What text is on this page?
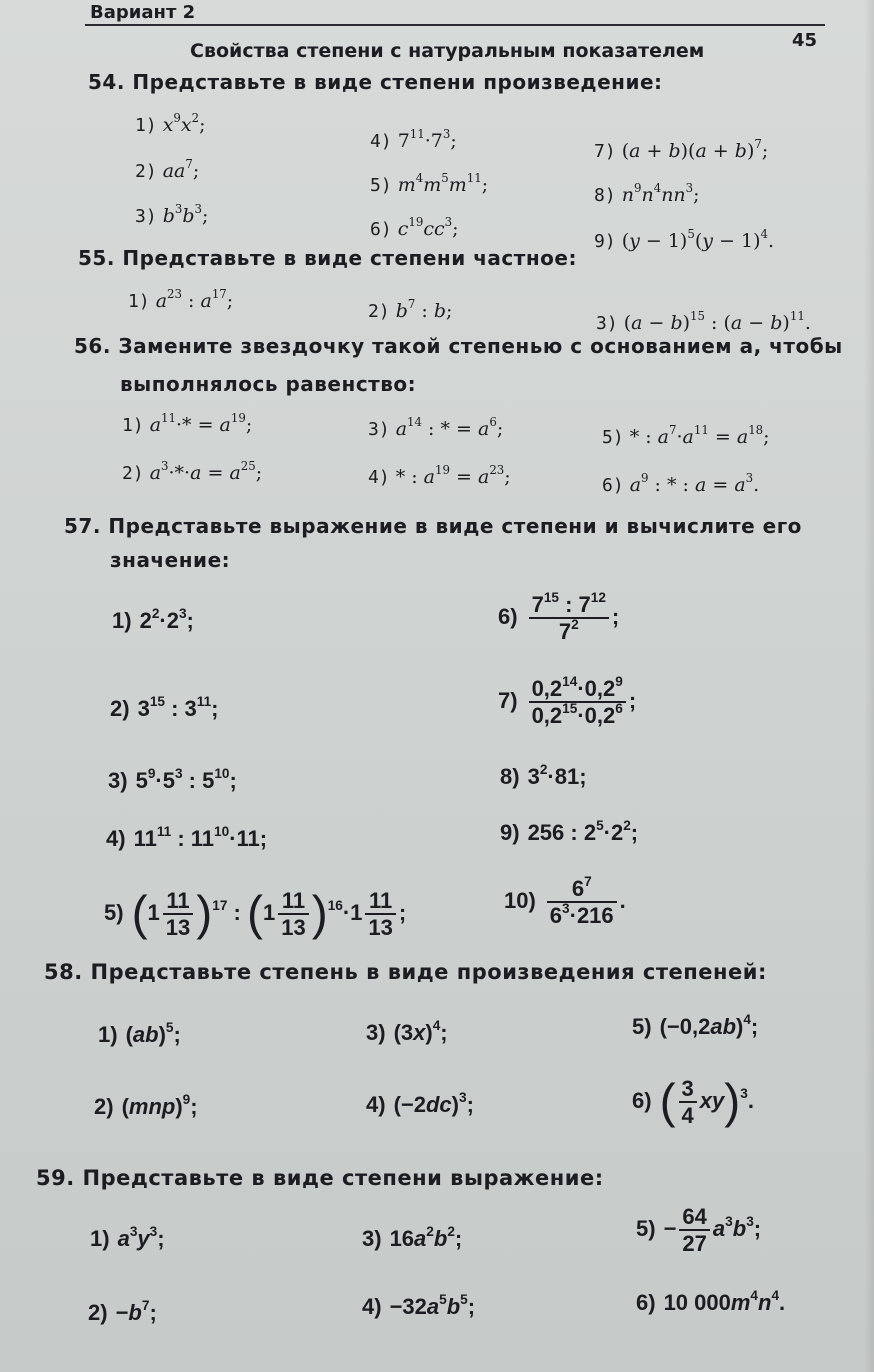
Вариант 2
45
Свойства степени с натуральным показателем
54. Представьте в виде степени произведение:
1) $x^9x^2$;
2) $aa^7$;
3) $b^3b^3$;
4) $7^{11}\cdot 7^3$;
5) $m^4m^5m^{11}$;
6) $c^{19}cc^3$;
7) $(a + b)(a + b)^7$;
8) $n^9n^4nn^3$;
9) $(y - 1)^5(y - 1)^4$.
55. Представьте в виде степени частное:
1) $a^{23}$ : $a^{17}$;	2) $b^7$ : b;
3) $(a - b)^{15}$ : $(a - b)^{11}$.
56. Замените звездочку такой степенью с основанием a, чтобы
выполнялось равенство:
1) $a^{11}\cdot* = a^{19}$;
2) $a^3\cdot*\cdot a = a^{25}$;
3) $a^{14}$ : * = $a^6$;
4) * : $a^{19} = a^{23}$;
5) * : $a^7\cdot a^{11} = a^{18}$;
6) $a^9$ : * : $a = a^3$.
57. Представьте выражение в виде степени и вычислите его
значение:
1) $2^2\cdot 2^3$;
2) $3^{15}$ : $3^{11}$;
3) $5^9\cdot 5^3$ : $5^{10}$;
4) $11^{11}$ : $11^{10}\cdot 11$;
5) $(1 \frac{11}{13} )^{17}$ : $(1 \frac{11}{13} )^{16}\cdot 1 \frac{11}{13}$ ;
$6) \frac{7^{15} : 7^{12}}{7^2}$ ;
$7) \frac{0,2^{14}\cdot 0,2^9}{0,2^{15}\cdot 0,2^6}$ ;
8) $3^2\cdot 81$;
9) 256 : $2^5\cdot 2^2$;
$10) \frac{6^7}{6^3\cdot 216}$ .
58. Представьте степень в виде произведения степеней:
1) (ab)$^5$;
2) (mnp)$^9$;
3) $(3x)^4$;
4) $(-2dc)^3$;
5) $(-0,2ab)^4$;
6) ( $\frac{3}{4} xy)^3$.
59. Представьте в виде степени выражение:
1) $a^3y^3$;
$2) -b^7$;
3) $16a^2b^2$;
$4) -32a^5b^5$;
$5) - \frac{64}{27} a^3b^3$;
6) 10 $000m^4n^4$.
